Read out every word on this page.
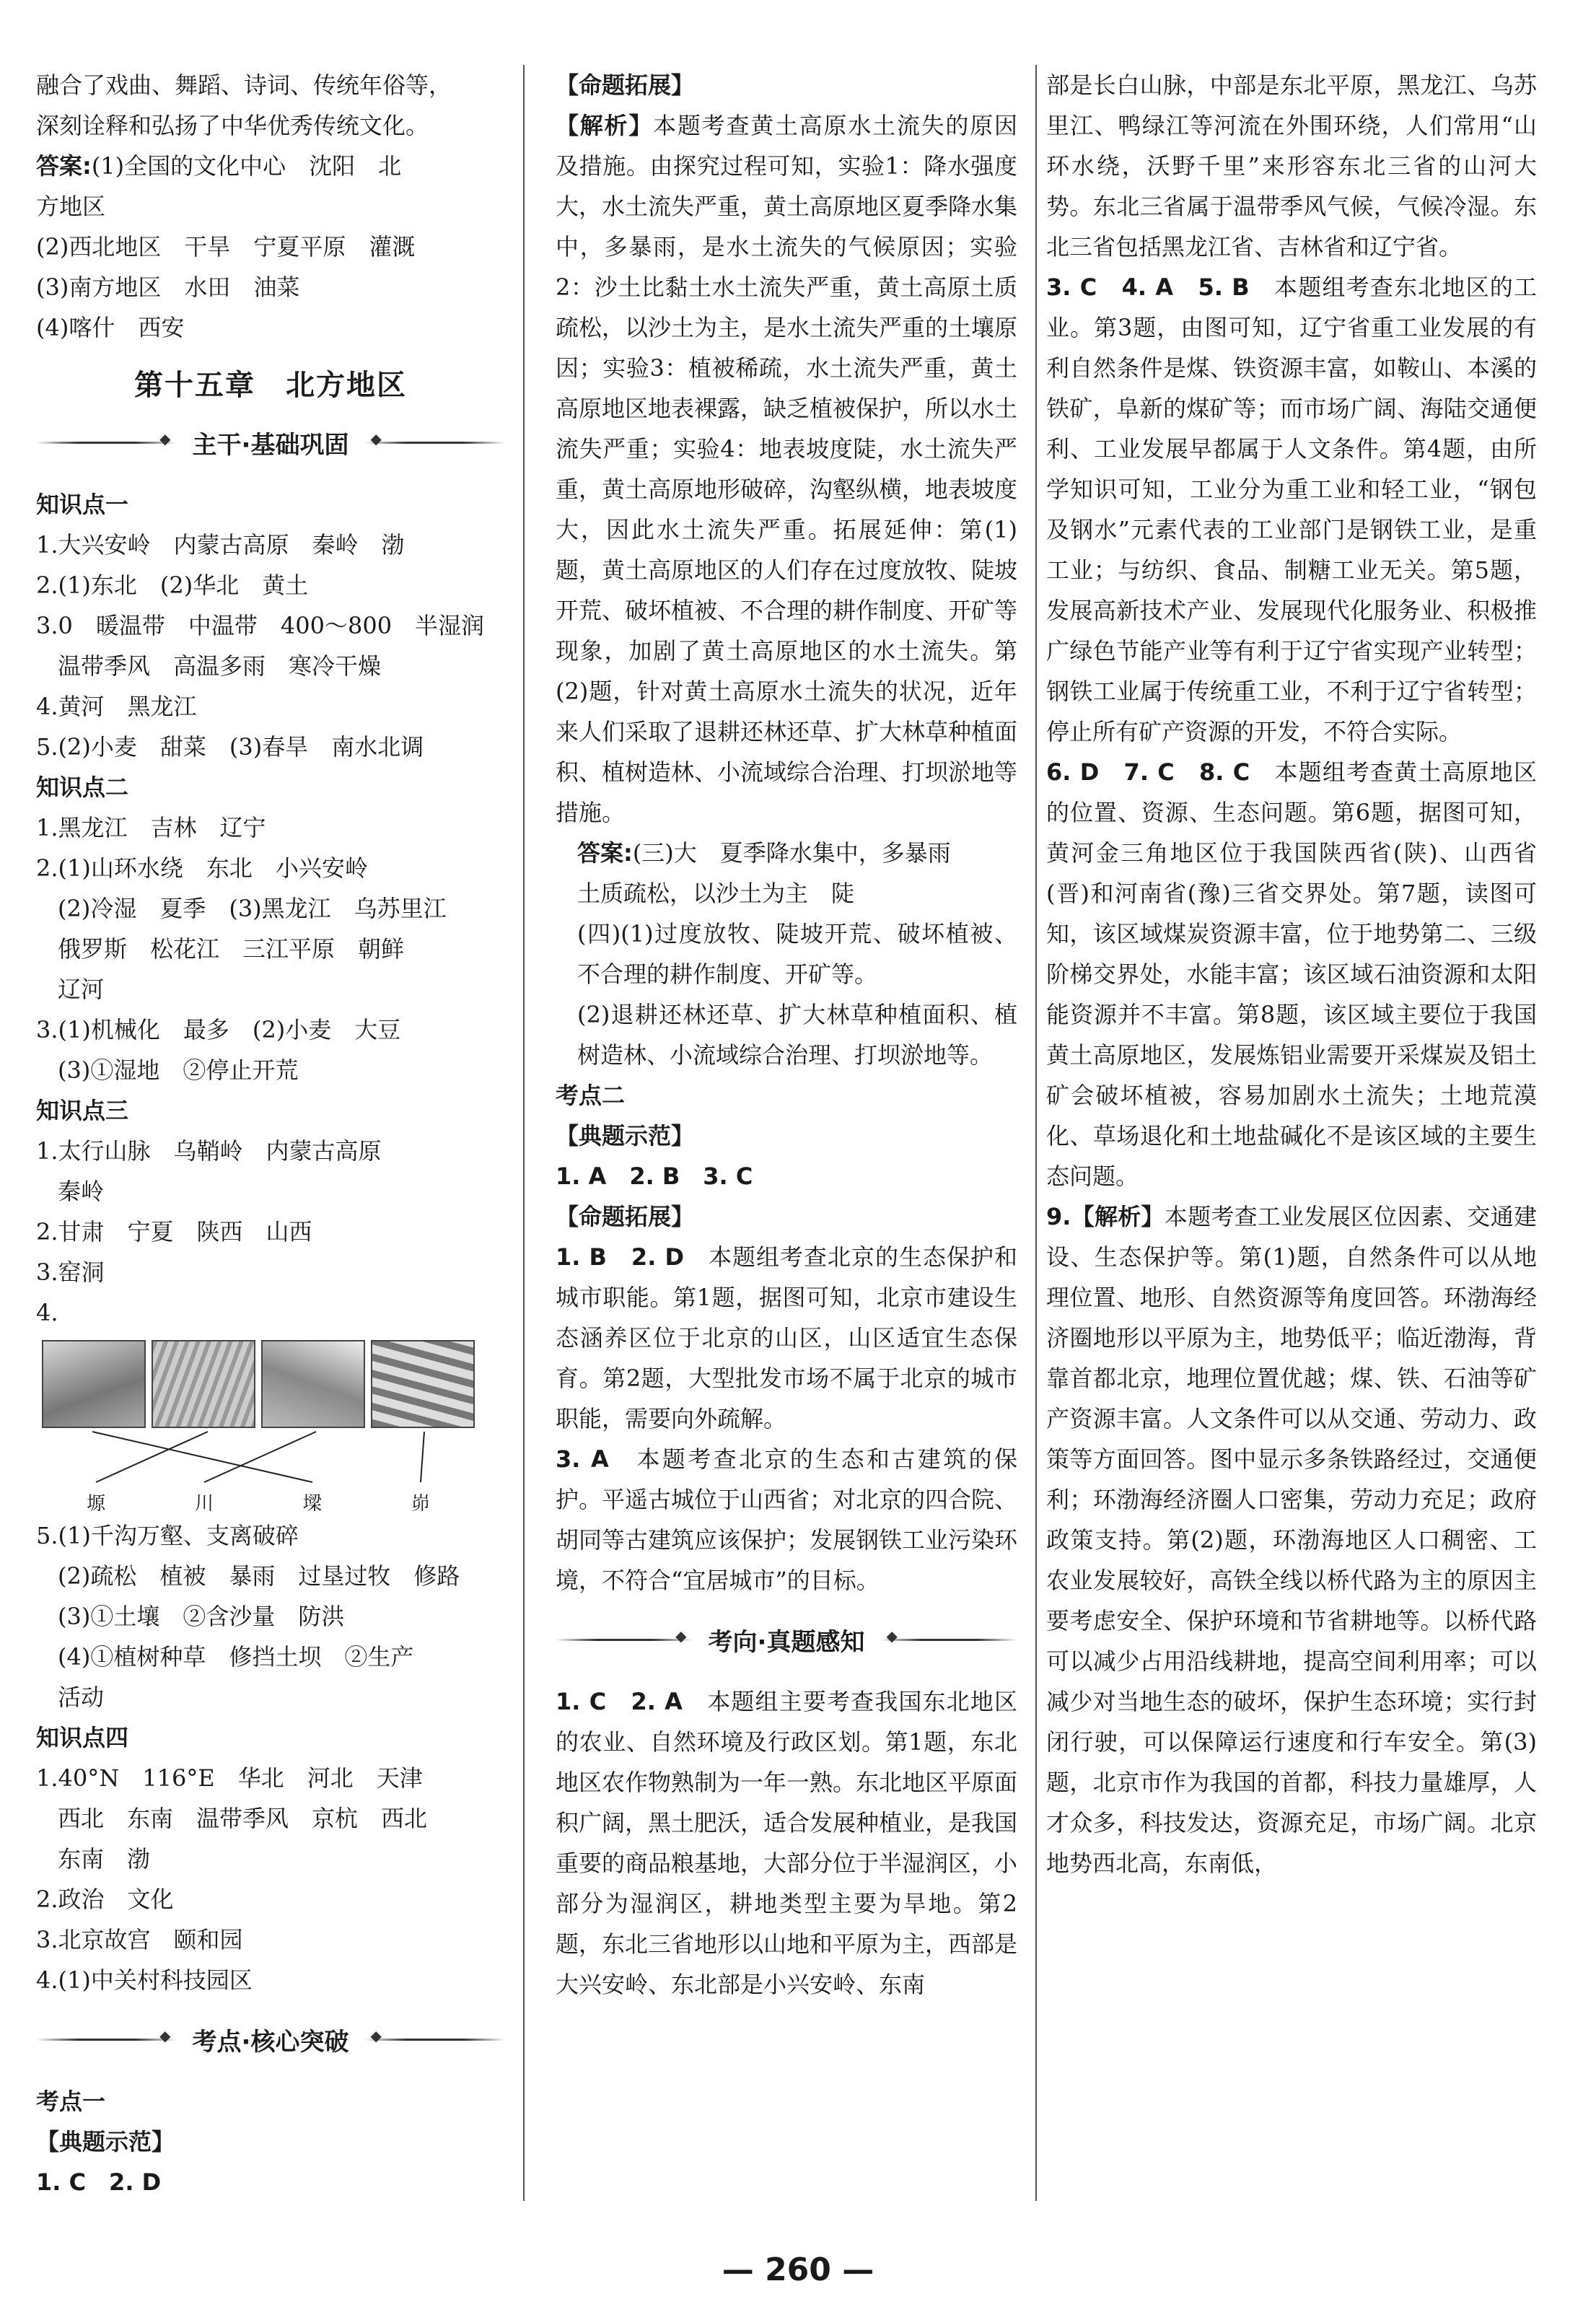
融合了戏曲、舞蹈、诗词、传统年俗等，

深刻诠释和弘扬了中华优秀传统文化。

答案:(1)全国的文化中心　沈阳　北

方地区

(2)西北地区　干旱　宁夏平原　灌溉

(3)南方地区　水田　油菜

(4)喀什　西安

第十五章　北方地区
◆
主干·基础巩固
◆

知识点一

1.大兴安岭　内蒙古高原　秦岭　渤

2.(1)东北　(2)华北　黄土

3.0　暖温带　中温带　400～800　半湿润

温带季风　高温多雨　寒冷干燥

4.黄河　黑龙江

5.(2)小麦　甜菜　(3)春旱　南水北调

知识点二

1.黑龙江　吉林　辽宁

2.(1)山环水绕　东北　小兴安岭

(2)冷湿　夏季　(3)黑龙江　乌苏里江

俄罗斯　松花江　三江平原　朝鲜

辽河

3.(1)机械化　最多　(2)小麦　大豆

(3)①湿地　②停止开荒

知识点三

1.太行山脉　乌鞘岭　内蒙古高原

秦岭

2.甘肃　宁夏　陕西　山西

3.窑洞

4.

塬	川	墚	峁

5.(1)千沟万壑、支离破碎

(2)疏松　植被　暴雨　过垦过牧　修路

(3)①土壤　②含沙量　防洪

(4)①植树种草　修挡土坝　②生产

活动

知识点四

1.40°N　116°E　华北　河北　天津

西北　东南　温带季风　京杭　西北

东南　渤

2.政治　文化

3.北京故宫　颐和园

4.(1)中关村科技园区

◆
考点·核心突破
◆

考点一

【典题示范】

1. C　2. D

【命题拓展】

【解析】本题考查黄土高原水土流失的原因及措施。由探究过程可知，实验1：降水强度大，水土流失严重，黄土高原地区夏季降水集中，多暴雨，是水土流失的气候原因；实验2：沙土比黏土水土流失严重，黄土高原土质疏松，以沙土为主，是水土流失严重的土壤原因；实验3：植被稀疏，水土流失严重，黄土高原地区地表裸露，缺乏植被保护，所以水土流失严重；实验4：地表坡度陡，水土流失严重，黄土高原地形破碎，沟壑纵横，地表坡度大，因此水土流失严重。拓展延伸：第(1)题，黄土高原地区的人们存在过度放牧、陡坡开荒、破坏植被、不合理的耕作制度、开矿等现象，加剧了黄土高原地区的水土流失。第(2)题，针对黄土高原水土流失的状况，近年来人们采取了退耕还林还草、扩大林草种植面积、植树造林、小流域综合治理、打坝淤地等措施。

答案:(三)大　夏季降水集中，多暴雨

土质疏松，以沙土为主　陡

(四)(1)过度放牧、陡坡开荒、破坏植被、不合理的耕作制度、开矿等。

(2)退耕还林还草、扩大林草种植面积、植树造林、小流域综合治理、打坝淤地等。

考点二

【典题示范】

1. A　2. B　3. C

【命题拓展】

1. B　2. D　 本题组考查北京的生态保护和城市职能。第1题，据图可知，北京市建设生态涵养区位于北京的山区，山区适宜生态保育。第2题，大型批发市场不属于北京的城市职能，需要向外疏解。

3. A　 本题考查北京的生态和古建筑的保护。平遥古城位于山西省；对北京的四合院、胡同等古建筑应该保护；发展钢铁工业污染环境，不符合“宜居城市”的目标。

◆
考向·真题感知
◆

1. C　2. A　 本题组主要考查我国东北地区的农业、自然环境及行政区划。第1题，东北地区农作物熟制为一年一熟。东北地区平原面积广阔，黑土肥沃，适合发展种植业，是我国重要的商品粮基地，大部分位于半湿润区，小部分为湿润区，耕地类型主要为旱地。第2题，东北三省地形以山地和平原为主，西部是大兴安岭、东北部是小兴安岭、东南

部是长白山脉，中部是东北平原，黑龙江、乌苏里江、鸭绿江等河流在外围环绕，人们常用“山环水绕，沃野千里”来形容东北三省的山河大势。东北三省属于温带季风气候，气候冷湿。东北三省包括黑龙江省、吉林省和辽宁省。

3. C　4. A　5. B　 本题组考查东北地区的工业。第3题，由图可知，辽宁省重工业发展的有利自然条件是煤、铁资源丰富，如鞍山、本溪的铁矿，阜新的煤矿等；而市场广阔、海陆交通便利、工业发展早都属于人文条件。第4题，由所学知识可知，工业分为重工业和轻工业，“钢包及钢水”元素代表的工业部门是钢铁工业，是重工业；与纺织、食品、制糖工业无关。第5题，发展高新技术产业、发展现代化服务业、积极推广绿色节能产业等有利于辽宁省实现产业转型；钢铁工业属于传统重工业，不利于辽宁省转型；停止所有矿产资源的开发，不符合实际。

6. D　7. C　8. C　 本题组考查黄土高原地区的位置、资源、生态问题。第6题，据图可知，黄河金三角地区位于我国陕西省(陕)、山西省(晋)和河南省(豫)三省交界处。第7题，读图可知，该区域煤炭资源丰富，位于地势第二、三级阶梯交界处，水能丰富；该区域石油资源和太阳能资源并不丰富。第8题，该区域主要位于我国黄土高原地区，发展炼铝业需要开采煤炭及铝土矿会破坏植被，容易加剧水土流失；土地荒漠化、草场退化和土地盐碱化不是该区域的主要生态问题。

9.【解析】本题考查工业发展区位因素、交通建设、生态保护等。第(1)题，自然条件可以从地理位置、地形、自然资源等角度回答。环渤海经济圈地形以平原为主，地势低平；临近渤海，背靠首都北京，地理位置优越；煤、铁、石油等矿产资源丰富。人文条件可以从交通、劳动力、政策等方面回答。图中显示多条铁路经过，交通便利；环渤海经济圈人口密集，劳动力充足；政府政策支持。第(2)题，环渤海地区人口稠密、工农业发展较好，高铁全线以桥代路为主的原因主要考虑安全、保护环境和节省耕地等。以桥代路可以减少占用沿线耕地，提高空间利用率；可以减少对当地生态的破坏，保护生态环境；实行封闭行驶，可以保障运行速度和行车安全。第(3)题，北京市作为我国的首都，科技力量雄厚，人才众多，科技发达，资源充足，市场广阔。北京地势西北高，东南低，

— 260 —
